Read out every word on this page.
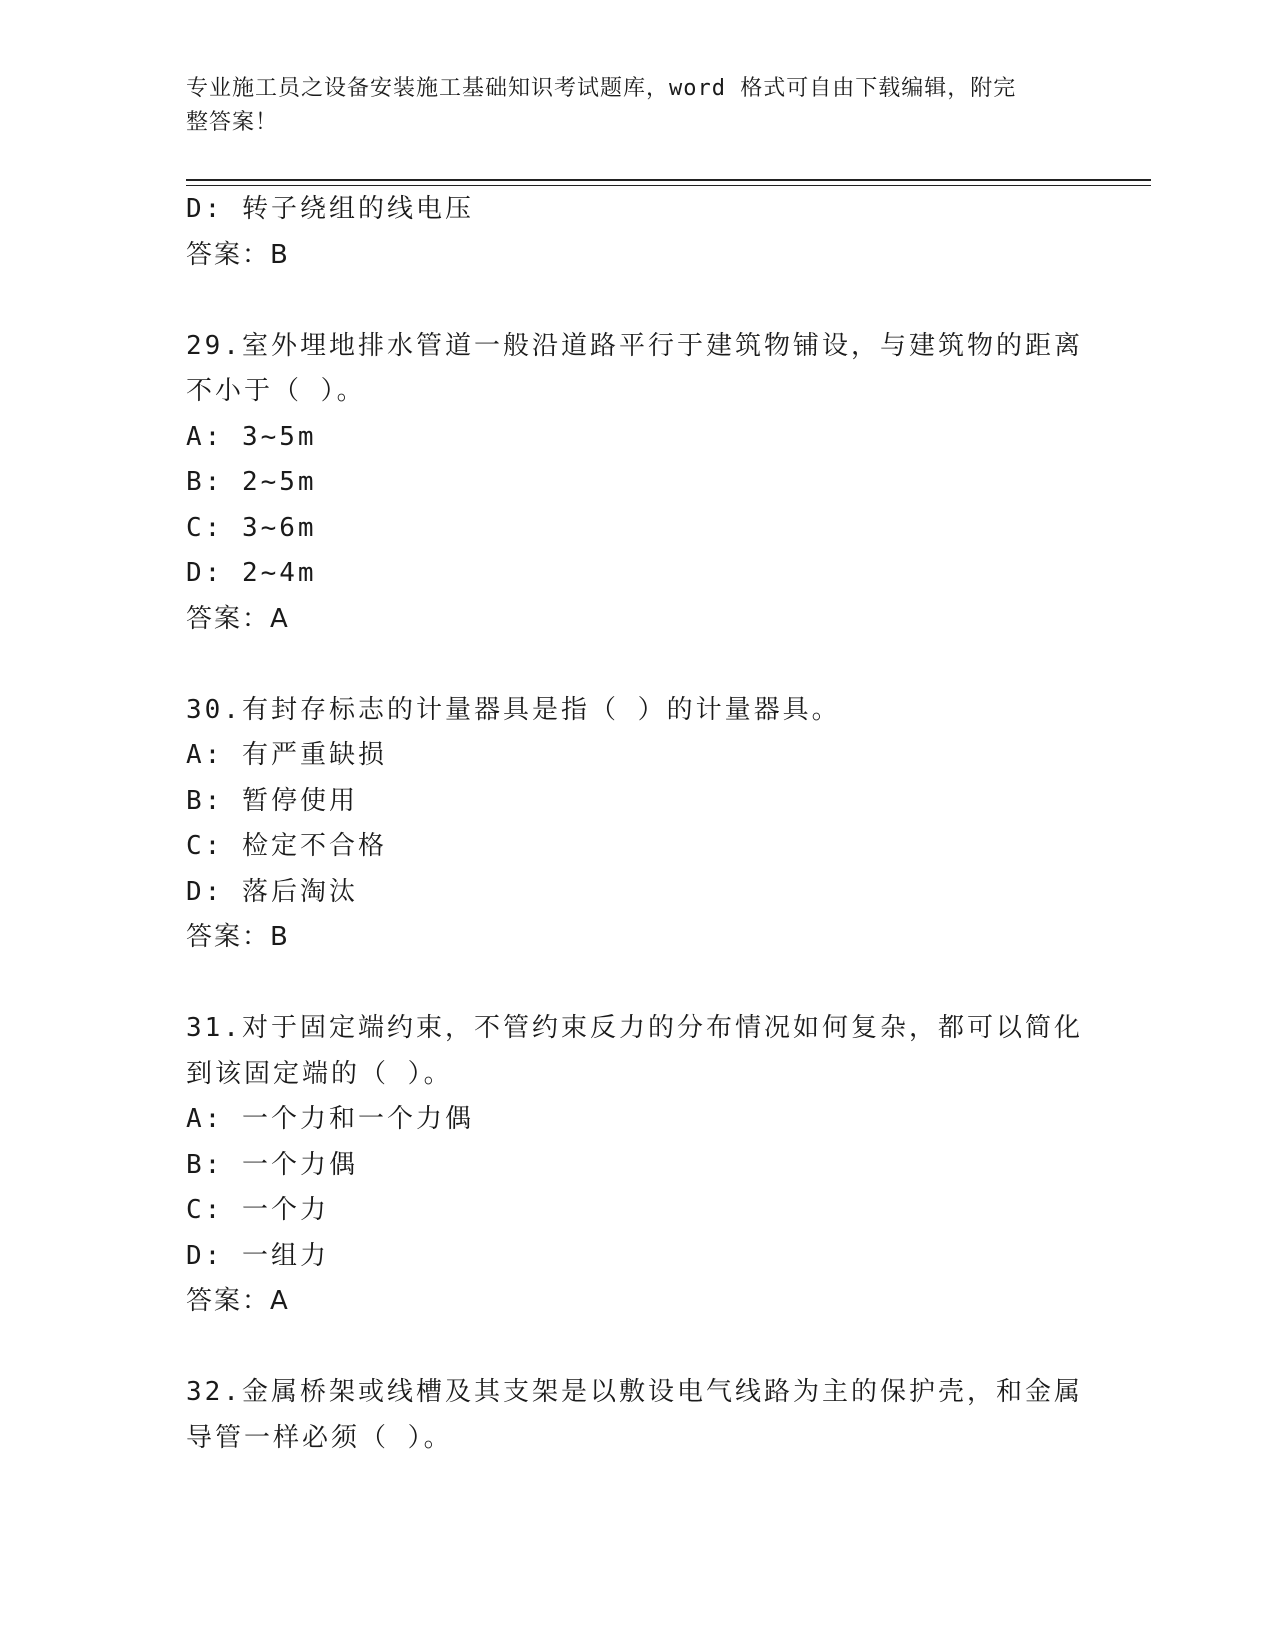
专业施工员之设备安装施工基础知识考试题库，word 格式可自由下载编辑，附完
整答案！
D: 转子绕组的线电压
答案：B
29.室外埋地排水管道一般沿道路平行于建筑物铺设，与建筑物的距离
不小于（ ）。
A: 3~5m
B: 2~5m
C: 3~6m
D: 2~4m
答案：A
30.有封存标志的计量器具是指（ ）的计量器具。
A: 有严重缺损
B: 暂停使用
C: 检定不合格
D: 落后淘汰
答案：B
31.对于固定端约束，不管约束反力的分布情况如何复杂，都可以简化
到该固定端的（ ）。
A: 一个力和一个力偶
B: 一个力偶
C: 一个力
D: 一组力
答案：A
32.金属桥架或线槽及其支架是以敷设电气线路为主的保护壳，和金属
导管一样必须（ ）。
